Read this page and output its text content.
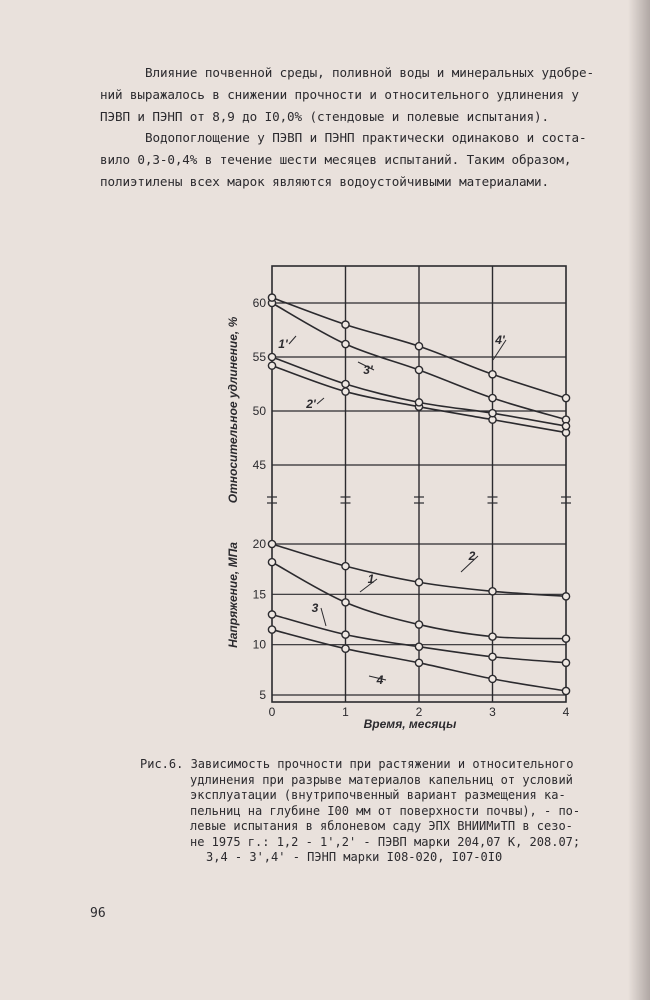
Влияние почвенной среды, поливной воды и минеральных удобре-
ний выражалось в снижении прочности и относительного удлинения у
ПЭВП и ПЭНП от 8,9 до I0,0% (стендовые и полевые испытания).
Водопоглощение у ПЭВП и ПЭНП практически одинаково и соста-
вило 0,3-0,4% в течение шести месяцев испытаний. Таким образом,
полиэтилены всех марок являются водоустойчивыми материалами.
0	1	2	3	4
45
50
55
60
5
10
15
20
Относительное удлинение, %
Напряжение, МПа
Время, месяцы
1'
2'
3'
4'
1
2
3
4
Рис.6. Зависимость прочности при растяжении и относительного
удлинения при разрыве материалов капельниц от условий
эксплуатации (внутрипочвенный вариант размещения ка-
пельниц на глубине I00 мм от поверхности почвы), - по-
левые испытания в яблоневом саду ЭПХ ВНИИМиТП в сезо-
не 1975 г.: 1,2 - 1',2' - ПЭВП марки 204,07 К, 208.07;
3,4 - 3',4' - ПЭНП марки I08-020, I07-0I0
96
